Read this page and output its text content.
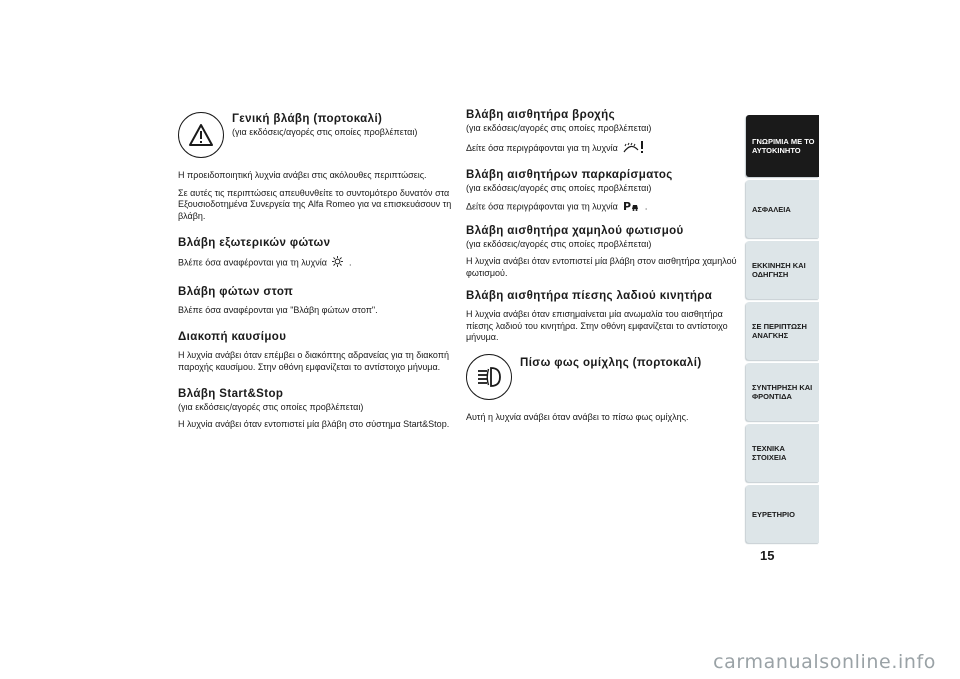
Γενική βλάβη (πορτοκαλί)

(για εκδόσεις/αγορές στις οποίες προβλέπεται)

Η προειδοποιητική λυχνία ανάβει στις ακόλουθες περιπτώσεις.

Σε αυτές τις περιπτώσεις απευθυνθείτε το συντομότερο δυνατόν στα Εξουσιοδοτημένα Συνεργεία της Alfa Romeo για να επισκευάσουν τη βλάβη.

Βλάβη εξωτερικών φώτων

Βλέπε όσα αναφέρονται για τη λυχνία .

Βλάβη φώτων στοπ

Βλέπε όσα αναφέρονται για "Βλάβη φώτων στοπ".

Διακοπή καυσίμου

Η λυχνία ανάβει όταν επέμβει ο διακόπτης αδρανείας για τη διακοπή παροχής καυσίμου. Στην οθόνη εμφανίζεται το αντίστοιχο μήνυμα.

Βλάβη Start&Stop

(για εκδόσεις/αγορές στις οποίες προβλέπεται)

Η λυχνία ανάβει όταν εντοπιστεί μία βλάβη στο σύστημα Start&Stop.

Βλάβη αισθητήρα βροχής

(για εκδόσεις/αγορές στις οποίες προβλέπεται)

Δείτε όσα περιγράφονται για τη λυχνία

Βλάβη αισθητήρων παρκαρίσματος

(για εκδόσεις/αγορές στις οποίες προβλέπεται)

Δείτε όσα περιγράφονται για τη λυχνία P .

Βλάβη αισθητήρα χαμηλού φωτισμού

(για εκδόσεις/αγορές στις οποίες προβλέπεται)

Η λυχνία ανάβει όταν εντοπιστεί μία βλάβη στον αισθητήρα χαμηλού φωτισμού.

Βλάβη αισθητήρα πίεσης λαδιού κινητήρα

Η λυχνία ανάβει όταν επισημαίνεται μία ανωμαλία του αισθητήρα πίεσης λαδιού του κινητήρα. Στην οθόνη εμφανίζεται το αντίστοιχο μήνυμα.

Πίσω φως ομίχλης (πορτοκαλί)

Αυτή η λυχνία ανάβει όταν ανάβει το πίσω φως ομίχλης.

ΓΝΩΡΙΜΙΑ ΜΕ ΤΟ
ΑΥΤΟΚΙΝΗΤΟ
ΑΣΦΑΛΕΙΑ
ΕΚΚΙΝΗΣΗ ΚΑΙ
ΟΔΗΓΗΣΗ
ΣΕ ΠΕΡΙΠΤΩΣΗ
ΑΝΑΓΚΗΣ
ΣΥΝΤΗΡΗΣΗ ΚΑΙ
ΦΡΟΝΤΙΔΑ
ΤΕΧΝΙΚΑ ΣΤΟΙΧΕΙΑ
ΕΥΡΕΤΗΡΙΟ
15
carmanualsonline.info
